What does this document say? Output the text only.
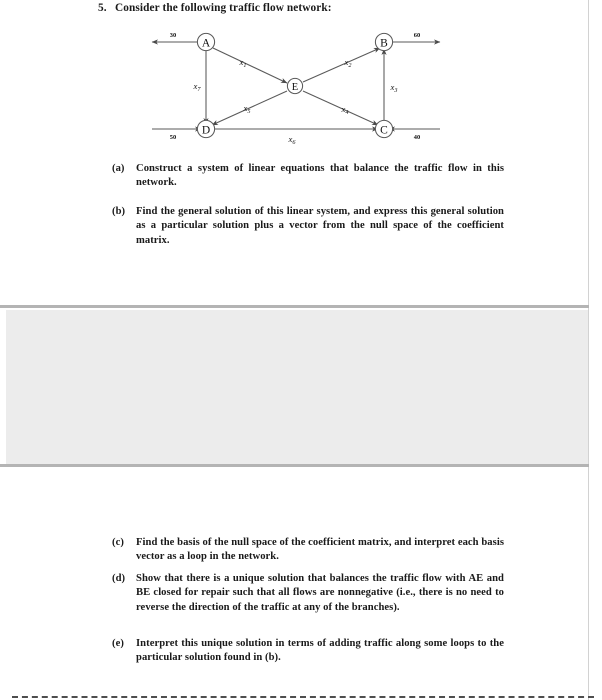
5. Consider the following traffic flow network:
A	B
C
D
E
30	60
40
50
$x_1$	$x_2$
$x_3$
$x_4$
$x_5$
$x_6$
$x_7$
(a)	Construct a system of linear equations that balance the traffic flow in this network.
(b)	Find the general solution of this linear system, and express this general solution as a particular solution plus a vector from the null space of the coefficient matrix.
(c)	Find the basis of the null space of the coefficient matrix, and interpret each basis vector as a loop in the network.
(d)	Show that there is a unique solution that balances the traffic flow with AE and BE closed for repair such that all flows are nonnegative (i.e., there is no need to reverse the direction of the traffic at any of the branches).
(e)	Interpret this unique solution in terms of adding traffic along some loops to the particular solution found in (b).
